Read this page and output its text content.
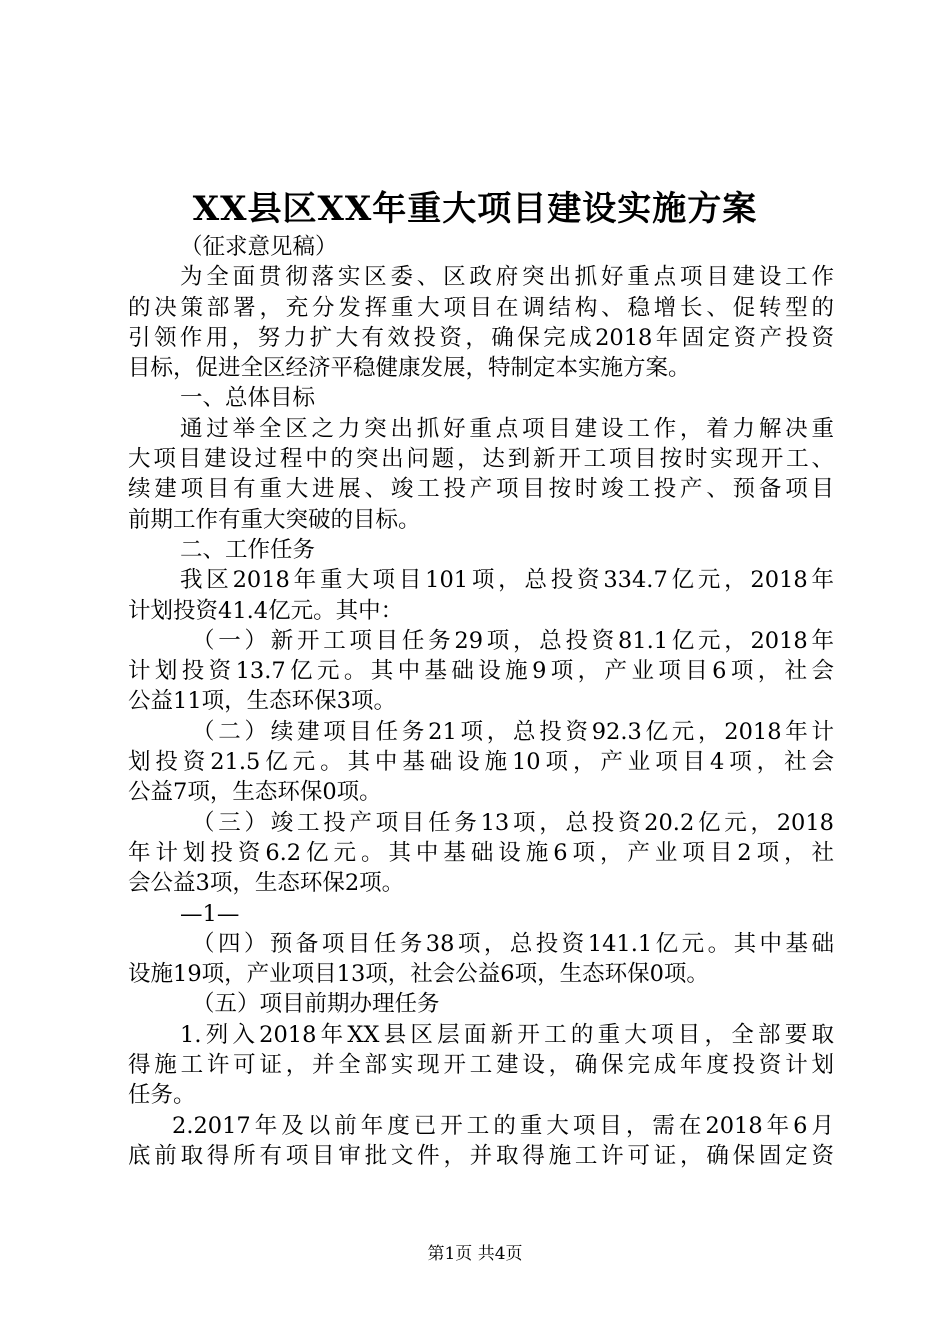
XX县区XX年重大项目建设实施方案
（征求意见稿）
为全面贯彻落实区委、区政府突出抓好重点项目建设工作
的决策部署，充分发挥重大项目在调结构、稳增长、促转型的
引领作用，努力扩大有效投资，确保完成2018年固定资产投资
目标，促进全区经济平稳健康发展，特制定本实施方案。
一、总体目标
通过举全区之力突出抓好重点项目建设工作，着力解决重
大项目建设过程中的突出问题，达到新开工项目按时实现开工、
续建项目有重大进展、竣工投产项目按时竣工投产、预备项目
前期工作有重大突破的目标。
二、工作任务
我区2018年重大项目101项，总投资334.7亿元，2018年
计划投资41.4亿元。其中：
（一）新开工项目任务29项，总投资81.1亿元，2018年
计划投资13.7亿元。其中基础设施9项，产业项目6项，社会
公益11项，生态环保3项。
（二）续建项目任务21项，总投资92.3亿元，2018年计
划投资21.5亿元。其中基础设施10项，产业项目4项，社会
公益7项，生态环保0项。
（三）竣工投产项目任务13项，总投资20.2亿元，2018
年计划投资6.2亿元。其中基础设施6项，产业项目2项，社
会公益3项，生态环保2项。
—1—
（四）预备项目任务38项，总投资141.1亿元。其中基础
设施19项，产业项目13项，社会公益6项，生态环保0项。
（五）项目前期办理任务
1.列入2018年XX县区层面新开工的重大项目，全部要取
得施工许可证，并全部实现开工建设，确保完成年度投资计划
任务。
2.2017年及以前年度已开工的重大项目，需在2018年6月
底前取得所有项目审批文件，并取得施工许可证，确保固定资
第1页 共4页
